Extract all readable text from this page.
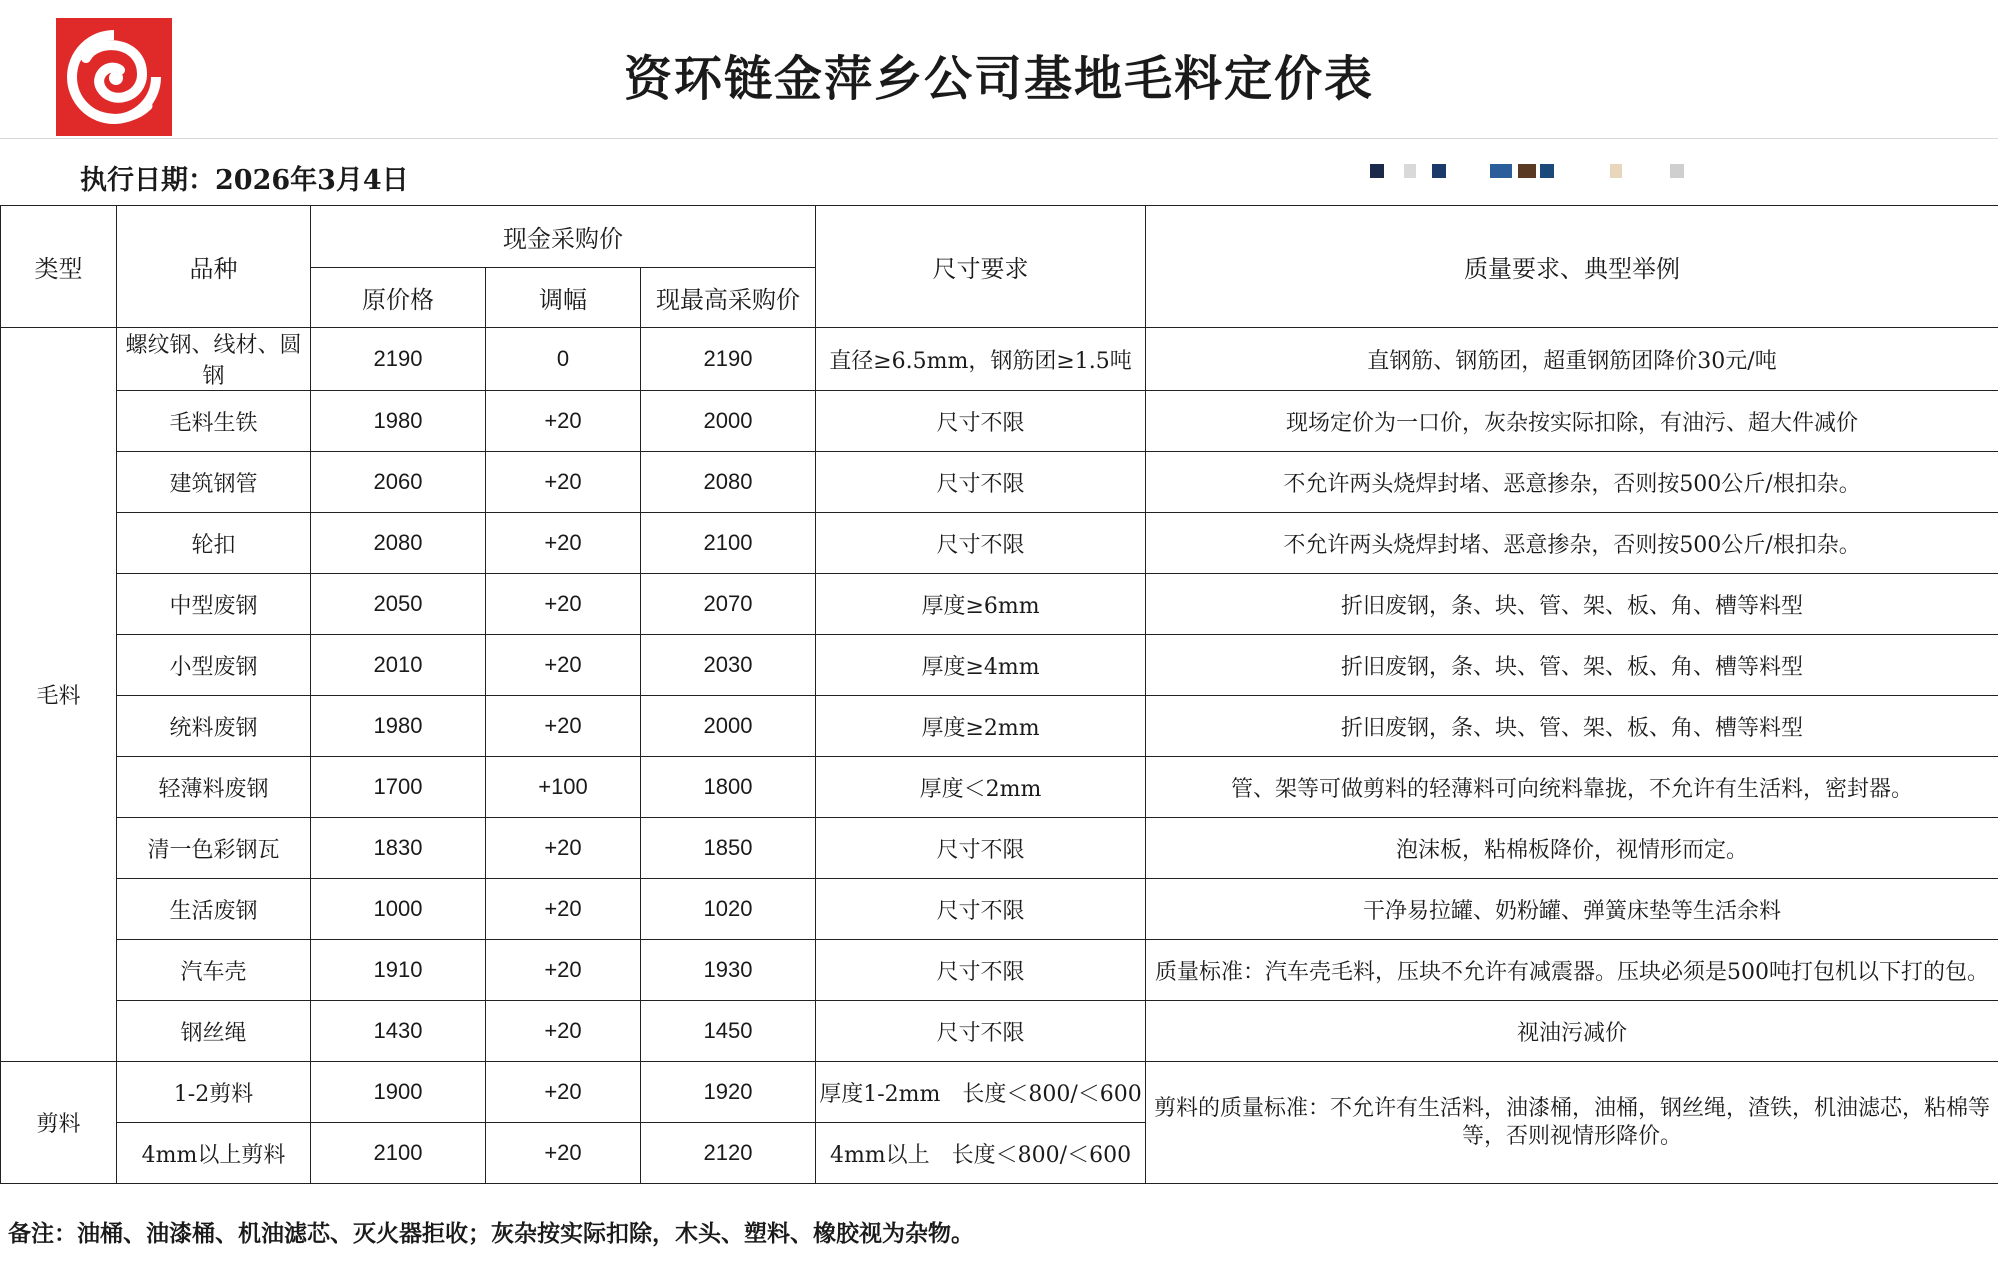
资环链金萍乡公司基地毛料定价表
执行日期：2026年3月4日
类型	品种	现金采购价			尺寸要求	质量要求、典型举例
		原价格	调幅	现最高采购价		
毛料	螺纹钢、线材、圆钢	2190	0	2190	直径≥6.5mm，钢筋团≥1.5吨	直钢筋、钢筋团，超重钢筋团降价30元/吨
	毛料生铁	1980	+20	2000	尺寸不限	现场定价为一口价，灰杂按实际扣除，有油污、超大件减价
	建筑钢管	2060	+20	2080	尺寸不限	不允许两头烧焊封堵、恶意掺杂，否则按500公斤/根扣杂。
	轮扣	2080	+20	2100	尺寸不限	不允许两头烧焊封堵、恶意掺杂，否则按500公斤/根扣杂。
	中型废钢	2050	+20	2070	厚度≥6mm	折旧废钢，条、块、管、架、板、角、槽等料型
	小型废钢	2010	+20	2030	厚度≥4mm	折旧废钢，条、块、管、架、板、角、槽等料型
	统料废钢	1980	+20	2000	厚度≥2mm	折旧废钢，条、块、管、架、板、角、槽等料型
	轻薄料废钢	1700	+100	1800	厚度＜2mm	管、架等可做剪料的轻薄料可向统料靠拢，不允许有生活料，密封器。
	清一色彩钢瓦	1830	+20	1850	尺寸不限	泡沫板，粘棉板降价，视情形而定。
	生活废钢	1000	+20	1020	尺寸不限	干净易拉罐、奶粉罐、弹簧床垫等生活余料
	汽车壳	1910	+20	1930	尺寸不限	质量标准：汽车壳毛料，压块不允许有减震器。压块必须是500吨打包机以下打的包。
	钢丝绳	1430	+20	1450	尺寸不限	视油污减价
剪料	1-2剪料	1900	+20	1920	厚度1-2mm　长度＜800/＜600	剪料的质量标准：不允许有生活料，油漆桶，油桶，钢丝绳，渣铁，机油滤芯，粘棉等等，否则视情形降价。
	4mm以上剪料	2100	+20	2120	4mm以上　长度＜800/＜600	
备注：油桶、油漆桶、机油滤芯、灭火器拒收；灰杂按实际扣除，木头、塑料、橡胶视为杂物。
